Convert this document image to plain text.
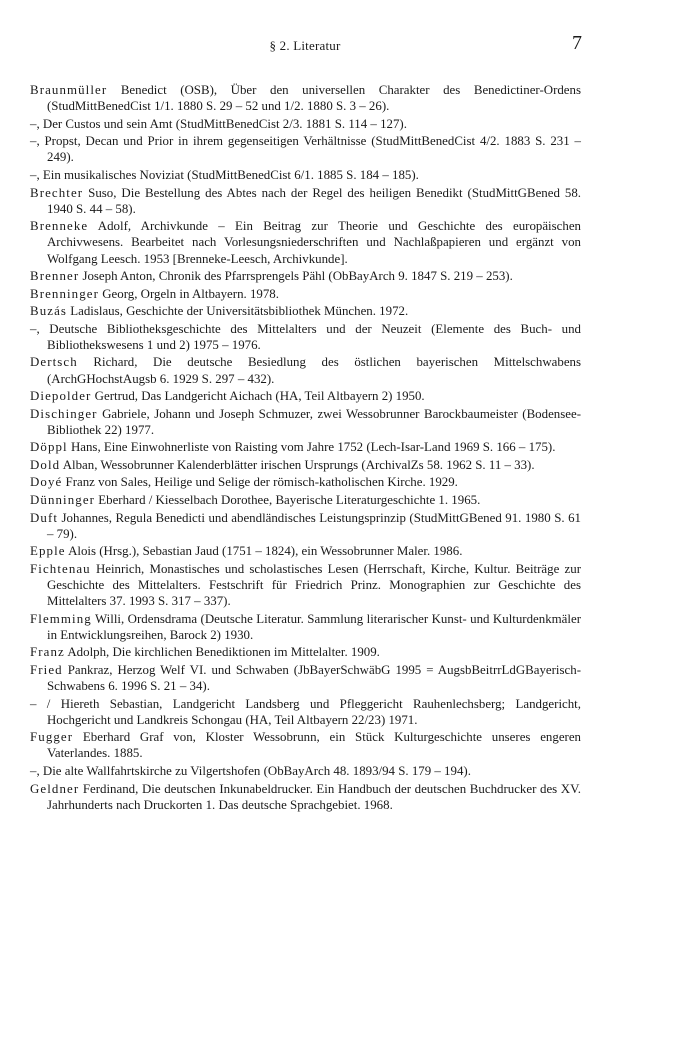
§ 2. Literatur	7

Braunmüller Benedict (OSB), Über den universellen Charakter des Benedictiner-Ordens (StudMittBenedCist 1/1. 1880 S. 29 – 52 und 1/2. 1880 S. 3 – 26).

–, Der Custos und sein Amt (StudMittBenedCist 2/3. 1881 S. 114 – 127).

–, Propst, Decan und Prior in ihrem gegenseitigen Verhältnisse (StudMittBenedCist 4/2. 1883 S. 231 – 249).

–, Ein musikalisches Noviziat (StudMittBenedCist 6/1. 1885 S. 184 – 185).

Brechter Suso, Die Bestellung des Abtes nach der Regel des heiligen Benedikt (StudMittGBened 58. 1940 S. 44 – 58).

Brenneke Adolf, Archivkunde – Ein Beitrag zur Theorie und Geschichte des europäischen Archivwesens. Bearbeitet nach Vorlesungsniederschriften und Nachlaßpapieren und ergänzt von Wolfgang Leesch. 1953 [Brenneke-Leesch, Archivkunde].

Brenner Joseph Anton, Chronik des Pfarrsprengels Pähl (ObBayArch 9. 1847 S. 219 – 253).

Brenninger Georg, Orgeln in Altbayern. 1978.

Buzás Ladislaus, Geschichte der Universitätsbibliothek München. 1972.

–, Deutsche Bibliotheksgeschichte des Mittelalters und der Neuzeit (Elemente des Buch- und Bibliothekswesens 1 und 2) 1975 – 1976.

Dertsch Richard, Die deutsche Besiedlung des östlichen bayerischen Mittelschwabens (ArchGHochstAugsb 6. 1929 S. 297 – 432).

Diepolder Gertrud, Das Landgericht Aichach (HA, Teil Altbayern 2) 1950.

Dischinger Gabriele, Johann und Joseph Schmuzer, zwei Wessobrunner Barockbaumeister (Bodensee-Bibliothek 22) 1977.

Döppl Hans, Eine Einwohnerliste von Raisting vom Jahre 1752 (Lech-Isar-Land 1969 S. 166 – 175).

Dold Alban, Wessobrunner Kalenderblätter irischen Ursprungs (ArchivalZs 58. 1962 S. 11 – 33).

Doyé Franz von Sales, Heilige und Selige der römisch-katholischen Kirche. 1929.

Dünninger Eberhard / Kiesselbach Dorothee, Bayerische Literaturgeschichte 1. 1965.

Duft Johannes, Regula Benedicti und abendländisches Leistungsprinzip (StudMittGBened 91. 1980 S. 61 – 79).

Epple Alois (Hrsg.), Sebastian Jaud (1751 – 1824), ein Wessobrunner Maler. 1986.

Fichtenau Heinrich, Monastisches und scholastisches Lesen (Herrschaft, Kirche, Kultur. Beiträge zur Geschichte des Mittelalters. Festschrift für Friedrich Prinz. Monographien zur Geschichte des Mittelalters 37. 1993 S. 317 – 337).

Flemming Willi, Ordensdrama (Deutsche Literatur. Sammlung literarischer Kunst- und Kulturdenkmäler in Entwicklungsreihen, Barock 2) 1930.

Franz Adolph, Die kirchlichen Benediktionen im Mittelalter. 1909.

Fried Pankraz, Herzog Welf VI. und Schwaben (JbBayerSchwäbG 1995 = AugsbBeitrrLdGBayerisch-Schwabens 6. 1996 S. 21 – 34).

– / Hiereth Sebastian, Landgericht Landsberg und Pfleggericht Rauhenlechsberg; Landgericht, Hochgericht und Landkreis Schongau (HA, Teil Altbayern 22/23) 1971.

Fugger Eberhard Graf von, Kloster Wessobrunn, ein Stück Kulturgeschichte unseres engeren Vaterlandes. 1885.

–, Die alte Wallfahrtskirche zu Vilgertshofen (ObBayArch 48. 1893/94 S. 179 – 194).

Geldner Ferdinand, Die deutschen Inkunabeldrucker. Ein Handbuch der deutschen Buchdrucker des XV. Jahrhunderts nach Druckorten 1. Das deutsche Sprachgebiet. 1968.
